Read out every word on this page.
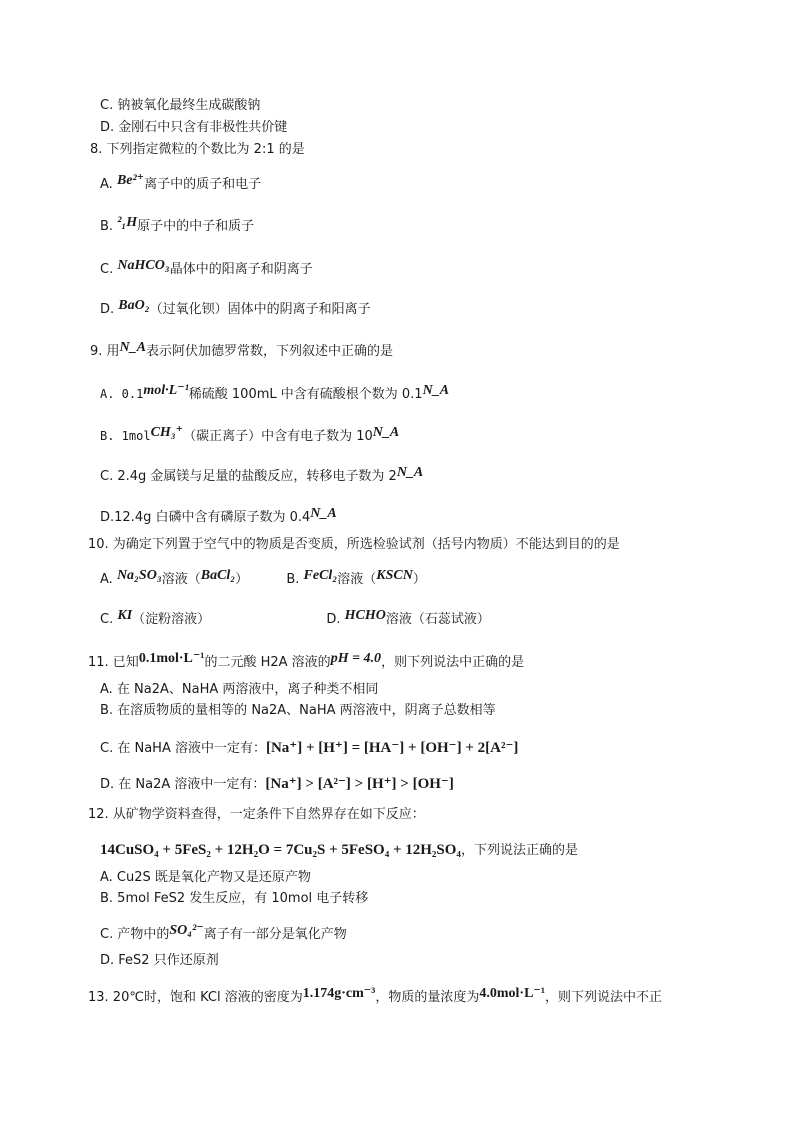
C. 钠被氧化最终生成碳酸钠
D. 金刚石中只含有非极性共价键
8. 下列指定微粒的个数比为 2:1 的是
A. Be²⁺离子中的质子和电子
B. ²₁H原子中的中子和质子
C. NaHCO₃晶体中的阳离子和阴离子
D. BaO₂（过氧化钡）固体中的阴离子和阳离子
9. 用N_A表示阿伏加德罗常数，下列叙述中正确的是
A. 0.1mol·L⁻¹稀硫酸 100mL 中含有硫酸根个数为 0.1N_A
B. 1molCH₃⁺（碳正离子）中含有电子数为 10N_A
C. 2.4g 金属镁与足量的盐酸反应，转移电子数为 2N_A
D.12.4g 白磷中含有磷原子数为 0.4N_A
10. 为确定下列置于空气中的物质是否变质，所选检验试剂（括号内物质）不能达到目的的是
A. Na₂SO₃溶液（BaCl₂）	B. FeCl₂溶液（KSCN）
C. KI（淀粉溶液）	D. HCHO溶液（石蕊试液）
11. 已知0.1mol·L⁻¹的二元酸 H2A 溶液的pH = 4.0，则下列说法中正确的是
A. 在 Na2A、NaHA 两溶液中，离子种类不相同
B. 在溶质物质的量相等的 Na2A、NaHA 两溶液中，阴离子总数相等
C. 在 NaHA 溶液中一定有：[Na⁺] + [H⁺] = [HA⁻] + [OH⁻] + 2[A²⁻]
D. 在 Na2A 溶液中一定有：[Na⁺] > [A²⁻] > [H⁺] > [OH⁻]
12. 从矿物学资料查得，一定条件下自然界存在如下反应：
14CuSO₄ + 5FeS₂ + 12H₂O = 7Cu₂S + 5FeSO₄ + 12H₂SO₄，下列说法正确的是
A. Cu2S 既是氧化产物又是还原产物
B. 5mol FeS2 发生反应，有 10mol 电子转移
C. 产物中的SO₄²⁻离子有一部分是氧化产物
D. FeS2 只作还原剂
13. 20℃时，饱和 KCl 溶液的密度为1.174g·cm⁻³，物质的量浓度为4.0mol·L⁻¹，则下列说法中不正
